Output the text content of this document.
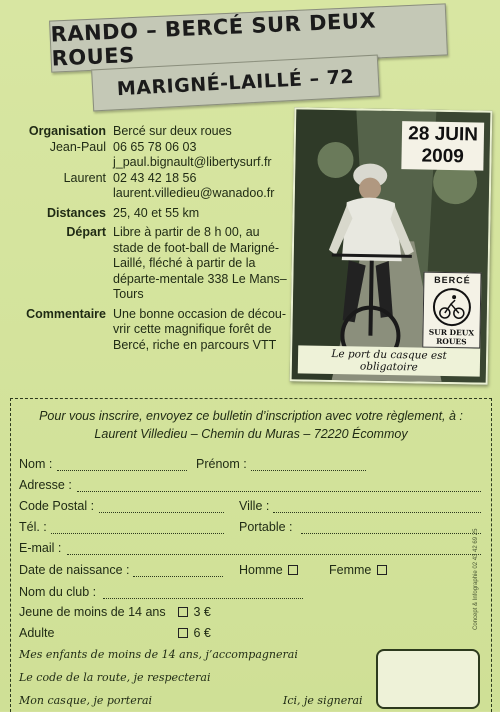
RANDO – BERCÉ SUR DEUX ROUES
MARIGNÉ-LAILLÉ – 72
Organisation Bercé sur deux roues
Jean-Paul 06 65 78 06 03
j_paul.bignault@libertysurf.fr
Laurent 02 43 42 18 56
laurent.villedieu@wanadoo.fr
Distances 25, 40 et 55 km
Départ Libre à partir de 8 h 00, au stade de foot-ball de Marigné-Laillé, fléché à partir de la départe-mentale 338 Le Mans–Tours
Commentaire Une bonne occasion de décou-vrir cette magnifique forêt de Bercé, riche en parcours VTT
28 JUIN
2009
BERCÉ
SUR DEUX ROUES
Le port du casque est obligatoire
Pour vous inscrire, envoyez ce bulletin d’inscription avec votre règlement, à :
Laurent Villedieu – Chemin du Muras – 72220 Écommoy
Nom :	Prénom :
Adresse :
Code Postal :	Ville :
Tél. :	Portable :
E-mail :
Date de naissance :	Homme	Femme
Nom du club :
Jeune de moins de 14 ans	3 €
Adulte	6 €
Mes enfants de moins de 14 ans, j’accompagnerai
Le code de la route, je respecterai
Mon casque, je porterai	Ici, je signerai
Concept & Infographie 02 43 42 69 25
